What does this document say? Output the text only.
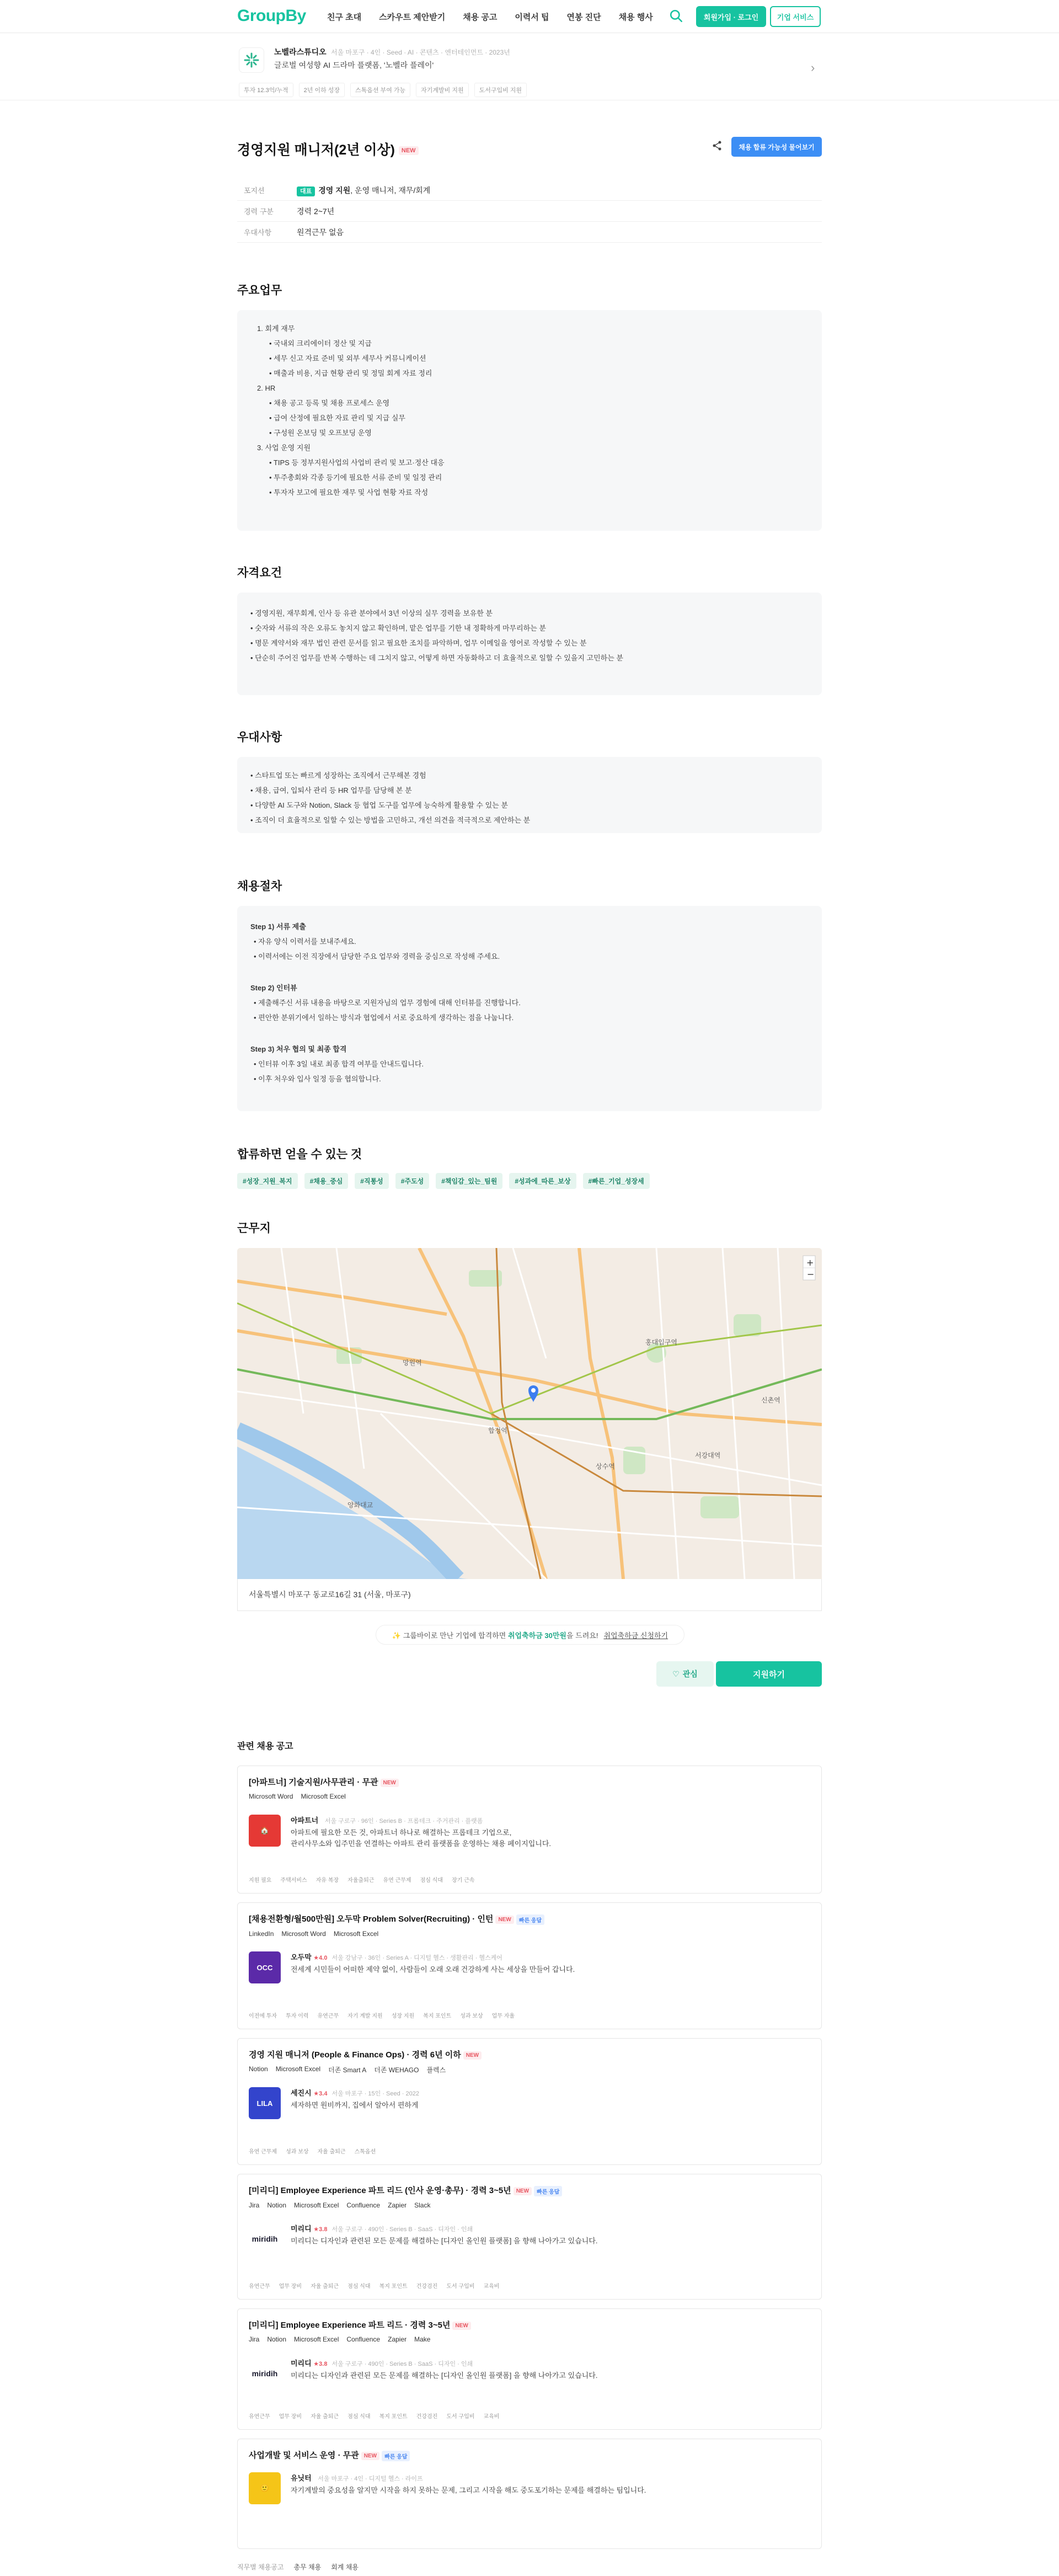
GroupBy	친구 초대 스카우트 제안받기 채용 공고 이력서 팁 연봉 진단 채용 행사	회원가입 · 로그인	기업 서비스
노벨라스튜디오 서울 마포구 · 4인 · Seed · AI · 콘텐츠 · 엔터테인먼트 · 2023년
글로벌 여성향 AI 드라마 플랫폼, '노벨라 플레이'
투자 12.3억/누적	2년 이하 성장	스톡옵션 부여 가능	자기계발비 지원	도서구입비 지원
›
경영지원 매니저(2년 이상) NEW	채용 합류 가능성 물어보기
포지션	대표 경영 지원, 운영 매니저, 재무/회계
경력 구분	경력 2~7년
우대사항	원격근무 없음
주요업무
1. 회계 재무
• 국내외 크리에이터 정산 및 지급
• 세무 신고 자료 준비 및 외부 세무사 커뮤니케이션
• 매출과 비용, 지급 현황 관리 및 정밀 회계 자료 정리
2. HR
• 채용 공고 등록 및 채용 프로세스 운영
• 급여 산정에 필요한 자료 관리 및 지급 실무
• 구성원 온보딩 및 오프보딩 운영
3. 사업 운영 지원
• TIPS 등 정부지원사업의 사업비 관리 및 보고·정산 대응
• 투주총회와 각종 등기에 필요한 서류 준비 및 일정 관리
• 투자자 보고에 필요한 재무 및 사업 현황 자료 작성
자격요건
• 경영지원, 재무회계, 인사 등 유관 분야에서 3년 이상의 실무 경력을 보유한 분
• 숫자와 서류의 작은 오류도 놓치지 않고 확인하며, 맡은 업무를 기한 내 정확하게 마무리하는 분
• 명문 계약서와 재무 법인 관련 문서를 읽고 필요한 조치를 파악하며, 업무 이메일을 영어로 작성할 수 있는 분
• 단순히 주어진 업무를 반복 수행하는 데 그치지 않고, 어떻게 하면 자동화하고 더 효율적으로 일할 수 있을지 고민하는 분
우대사항
• 스타트업 또는 빠르게 성장하는 조직에서 근무해본 경험
• 채용, 급여, 입퇴사 관리 등 HR 업무를 담당해 본 분
• 다양한 AI 도구와 Notion, Slack 등 협업 도구를 업무에 능숙하게 활용할 수 있는 분
• 조직이 더 효율적으로 일할 수 있는 방법을 고민하고, 개선 의견을 적극적으로 제안하는 분
채용절차
Step 1) 서류 제출
• 자유 양식 이력서를 보내주세요.
• 이력서에는 이전 직장에서 담당한 주요 업무와 경력을 중심으로 작성해 주세요.
Step 2) 인터뷰
• 제출해주신 서류 내용을 바탕으로 지원자님의 업무 경험에 대해 인터뷰를 진행합니다.
• 편안한 분위기에서 일하는 방식과 협업에서 서로 중요하게 생각하는 점을 나눕니다.
Step 3) 처우 협의 및 최종 합격
• 인터뷰 이후 3일 내로 최종 합격 여부를 안내드립니다.
• 이후 처우와 입사 일정 등을 협의합니다.
합류하면 얻을 수 있는 것
#성장_지원_복지	#채용_중심	#직통성	#주도성	#책임감_있는_팀원	#성과에_따른_보상	#빠른_기업_성장세
근무지
망원역
합정역
홍대입구역
상수역
서강대역
신촌역
양화대교
+
−
서울특별시 마포구 동교로16길 31 (서울, 마포구)
✨ 그룹바이로 만난 기업에 합격하면 취업축하금 30만원을 드려요! 취업축하금 신청하기
♡ 관심	지원하기
관련 채용 공고
[아파트너] 기술지원/사무관리 · 무관 NEW
Microsoft Word Microsoft Excel
🏠
아파트너 서울 구로구 · 96인 · Series B · 프롭테크 · 주거관리 · 플랫폼
아파트에 필요한 모든 것, 아파트너 하나로 해결하는 프롭테크 기업으로,
관리사무소와 입주민을 연결하는 아파트 관리 플랫폼을 운영하는 채용 페이지입니다.
지원 필요 주택서비스 자유 복장 자율출퇴근 유연 근무제 점심 식대 장기 근속
[채용전환형/월500만원] 오두막 Problem Solver(Recruiting) · 인턴 NEW 빠른 응답
LinkedIn Microsoft Word Microsoft Excel
OCC
오두막 ★4.0 서울 강남구 · 36인 · Series A · 디지털 헬스 · 생활관리 · 헬스케어
전세계 시민들이 어떠한 제약 없이, 사람들이 오래 오래 건강하게 사는 세상을 만들어 갑니다.
이전에 투자 투자 이력 유연근무 자기 계발 지원 성장 지원 복지 포인트 성과 보상 업무 자율
경영 지원 매니저 (People & Finance Ops) · 경력 6년 이하 NEW
Notion Microsoft Excel 더존 Smart A 더존 WEHAGO 플렉스
LILA
세진시 ★3.4 서울 마포구 · 15인 · Seed · 2022
세자하면 원비까지, 집에서 알아서 편하게
유연 근무제 성과 보상 자율 출퇴근 스톡옵션
[미리디] Employee Experience 파트 리드 (인사 운영·총무) · 경력 3~5년 NEW 빠른 응답
Jira Notion Microsoft Excel Confluence Zapier Slack
miridih
미리디 ★3.8 서울 구로구 · 490인 · Series B · SaaS · 디자인 · 인쇄
미리디는 디자인과 관련된 모든 문제를 해결하는 [디자인 올인원 플랫폼] 을 향해 나아가고 있습니다.
유연근무 업무 장비 자율 출퇴근 점심 식대 복지 포인트 건강검진 도서 구입비 교육비
[미리디] Employee Experience 파트 리드 · 경력 3~5년 NEW
Jira Notion Microsoft Excel Confluence Zapier Make
miridih
미리디 ★3.8 서울 구로구 · 490인 · Series B · SaaS · 디자인 · 인쇄
미리디는 디자인과 관련된 모든 문제를 해결하는 [디자인 올인원 플랫폼] 을 향해 나아가고 있습니다.
유연근무 업무 장비 자율 출퇴근 점심 식대 복지 포인트 건강검진 도서 구입비 교육비
사업개발 및 서비스 운영 · 무관 NEW 빠른 응답
🙂
유닛터 서울 마포구 · 4인 · 디지털 헬스 · 라이프
자기계발의 중요성을 알지만 시작을 하지 못하는 문제, 그리고 시작을 해도 중도포기하는 문제를 해결하는 팀입니다.
직무별 채용공고 총무 채용 회계 채용
